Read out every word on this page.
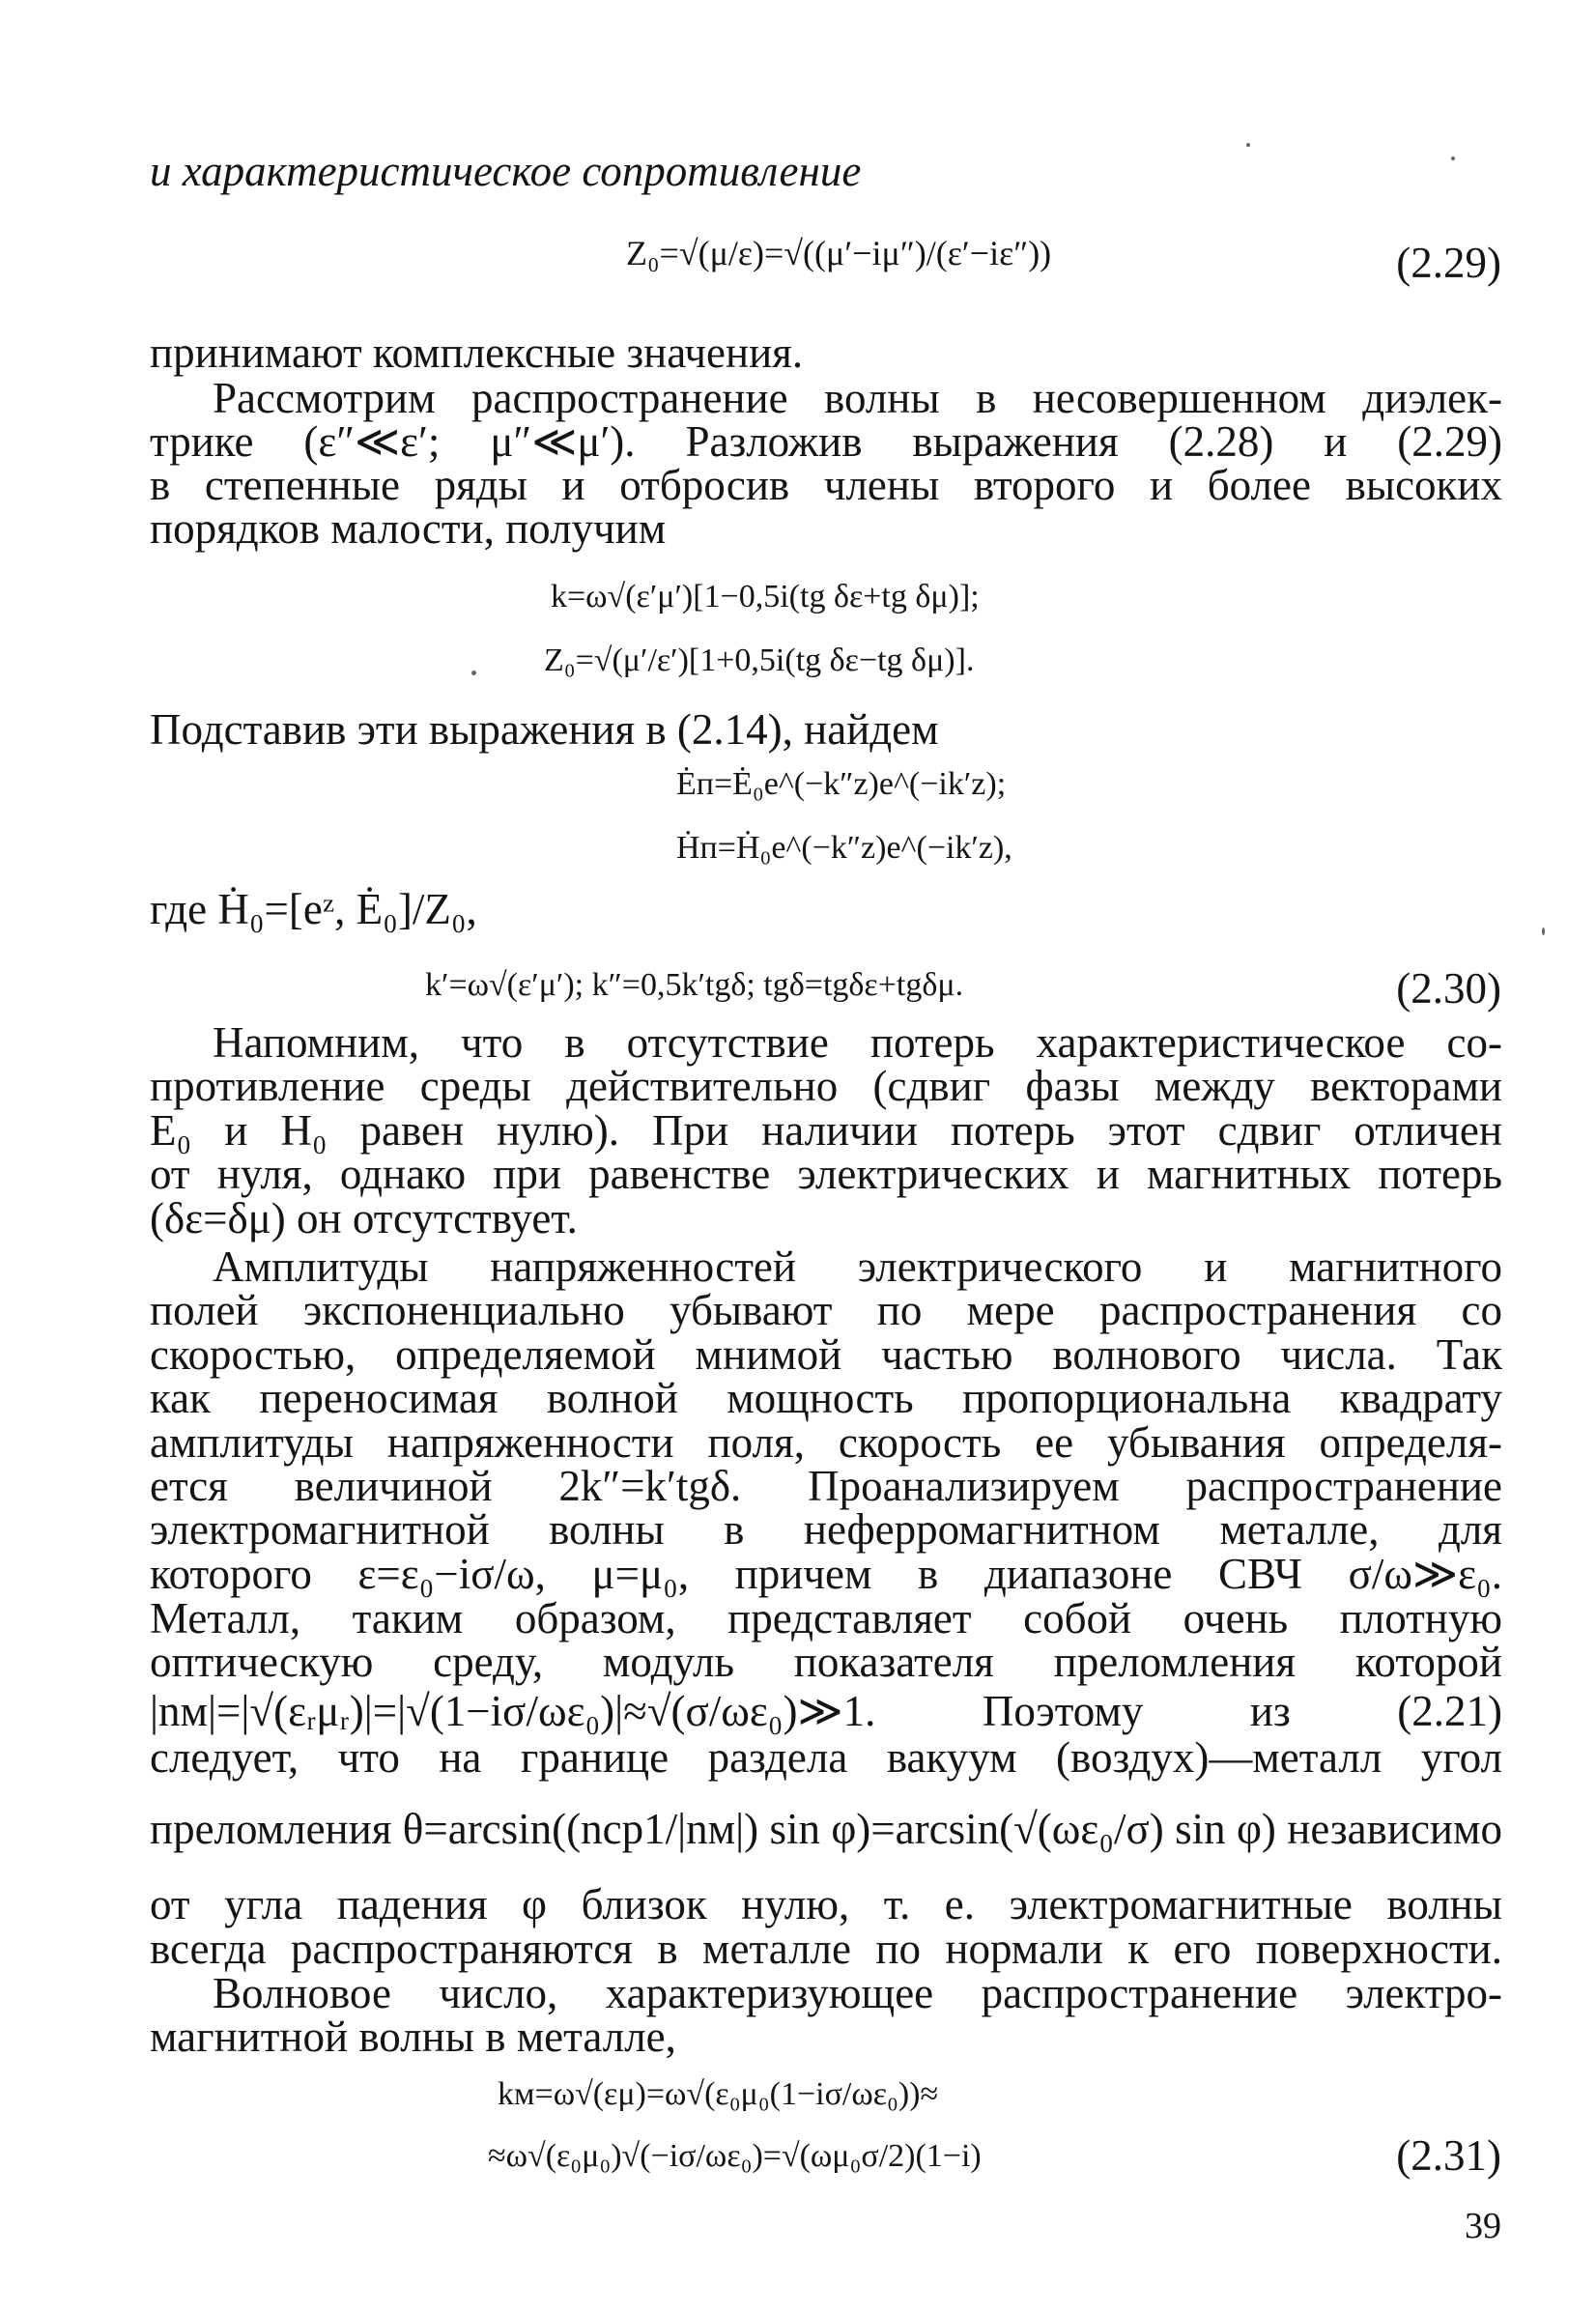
и характеристическое сопротивление
Z₀=√(μ/ε)=√((μ′−iμ″)/(ε′−iε″))	(2.29)
принимают комплексные значения.
Рассмотрим распространение волны в несовершенном диэлек-
трике (ε″≪ε′; μ″≪μ′). Разложив выражения (2.28) и (2.29)
в степенные ряды и отбросив члены второго и более высоких
порядков малости, получим
k=ω√(ε′μ′)[1−0,5i(tg δε+tg δμ)];
Z₀=√(μ′/ε′)[1+0,5i(tg δε−tg δμ)].
Подставив эти выражения в (2.14), найдем
Ėп=Ė₀e^(−k″z)e^(−ik′z);
Ḣп=Ḣ₀e^(−k″z)e^(−ik′z),
где Ḣ₀=[eᶻ, Ė₀]/Z₀,
k′=ω√(ε′μ′); k″=0,5k′tgδ; tgδ=tgδε+tgδμ.	(2.30)
Напомним, что в отсутствие потерь характеристическое со-
противление среды действительно (сдвиг фазы между векторами
E₀ и H₀ равен нулю). При наличии потерь этот сдвиг отличен
от нуля, однако при равенстве электрических и магнитных потерь
(δε=δμ) он отсутствует.
Амплитуды напряженностей электрического и магнитного
полей экспоненциально убывают по мере распространения со
скоростью, определяемой мнимой частью волнового числа. Так
как переносимая волной мощность пропорциональна квадрату
амплитуды напряженности поля, скорость ее убывания определя-
ется величиной 2k″=k′tgδ. Проанализируем распространение
электромагнитной волны в неферромагнитном металле, для
которого ε=ε₀−iσ/ω, μ=μ₀, причем в диапазоне СВЧ σ/ω≫ε₀.
Металл, таким образом, представляет собой очень плотную
оптическую среду, модуль показателя преломления которой
|nм|=|√(εᵣμᵣ)|=|√(1−iσ/ωε₀)|≈√(σ/ωε₀)≫1. Поэтому из (2.21)
следует, что на границе раздела вакуум (воздух)—металл угол
преломления θ=arcsin((nср1/|nм|) sin φ)=arcsin(√(ωε₀/σ) sin φ) независимо
от угла падения φ близок нулю, т. е. электромагнитные волны
всегда распространяются в металле по нормали к его поверхности.
Волновое число, характеризующее распространение электро-
магнитной волны в металле,
kм=ω√(εμ)=ω√(ε₀μ₀(1−iσ/ωε₀))≈
≈ω√(ε₀μ₀)√(−iσ/ωε₀)=√(ωμ₀σ/2)(1−i)	(2.31)
39
